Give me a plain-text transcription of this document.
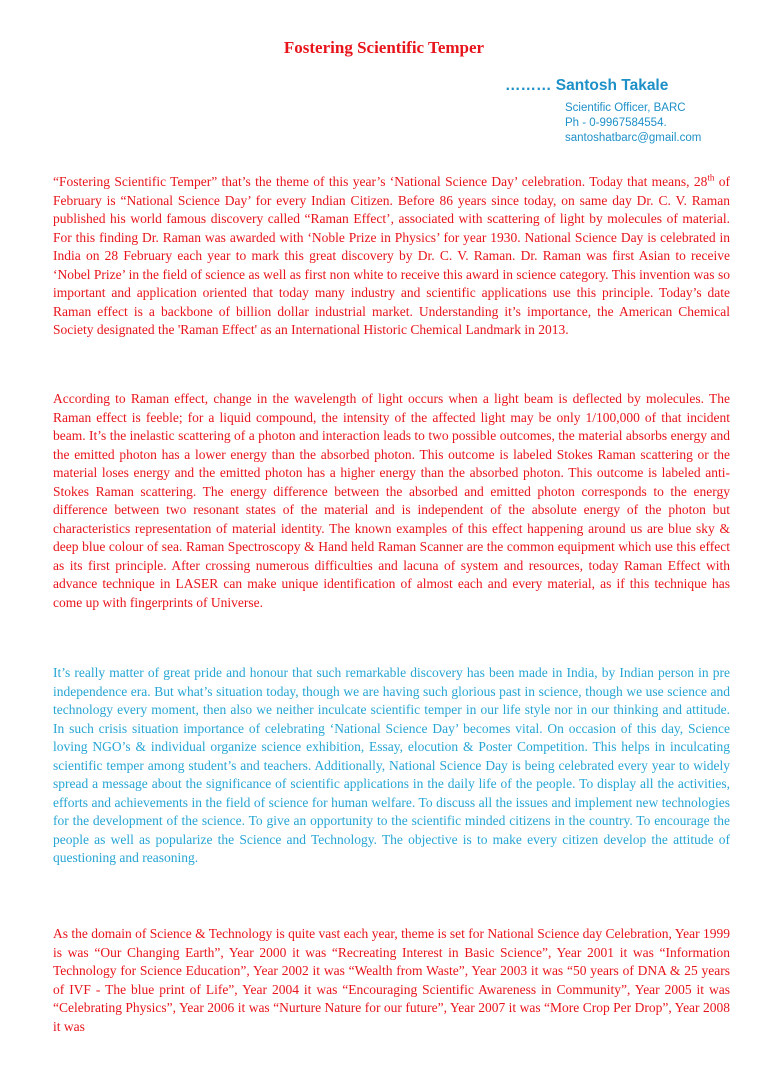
Fostering Scientific Temper
……… Santosh Takale
Scientific Officer, BARC
Ph - 0-9967584554.
santoshatbarc@gmail.com

“Fostering Scientific Temper” that’s the theme of this year’s ‘National Science Day’ celebration. Today that means, 28th of February is “National Science Day’ for every Indian Citizen. Before 86 years since today, on same day Dr. C. V. Raman published his world famous discovery called “Raman Effect’, associated with scattering of light by molecules of material. For this finding Dr. Raman was awarded with ‘Noble Prize in Physics’ for year 1930. National Science Day is celebrated in India on 28 February each year to mark this great discovery by Dr. C. V. Raman. Dr. Raman was first Asian to receive ‘Nobel Prize’ in the field of science as well as first non white to receive this award in science category. This invention was so important and application oriented that today many industry and scientific applications use this principle. Today’s date Raman effect is a backbone of billion dollar industrial market. Understanding it’s importance, the American Chemical Society designated the 'Raman Effect' as an International Historic Chemical Landmark in 2013.

According to Raman effect, change in the wavelength of light occurs when a light beam is deflected by molecules. The Raman effect is feeble; for a liquid compound, the intensity of the affected light may be only 1/100,000 of that incident beam. It’s the inelastic scattering of a photon and interaction leads to two possible outcomes, the material absorbs energy and the emitted photon has a lower energy than the absorbed photon. This outcome is labeled Stokes Raman scattering or the material loses energy and the emitted photon has a higher energy than the absorbed photon. This outcome is labeled anti-Stokes Raman scattering. The energy difference between the absorbed and emitted photon corresponds to the energy difference between two resonant states of the material and is independent of the absolute energy of the photon but characteristics representation of material identity. The known examples of this effect happening around us are blue sky & deep blue colour of sea. Raman Spectroscopy & Hand held Raman Scanner are the common equipment which use this effect as its first principle. After crossing numerous difficulties and lacuna of system and resources, today Raman Effect with advance technique in LASER can make unique identification of almost each and every material, as if this technique has come up with fingerprints of Universe.

It’s really matter of great pride and honour that such remarkable discovery has been made in India, by Indian person in pre independence era. But what’s situation today, though we are having such glorious past in science, though we use science and technology every moment, then also we neither inculcate scientific temper in our life style nor in our thinking and attitude. In such crisis situation importance of celebrating ‘National Science Day’ becomes vital. On occasion of this day, Science loving NGO’s & individual organize science exhibition, Essay, elocution & Poster Competition. This helps in inculcating scientific temper among student’s and teachers. Additionally, National Science Day is being celebrated every year to widely spread a message about the significance of scientific applications in the daily life of the people. To display all the activities, efforts and achievements in the field of science for human welfare. To discuss all the issues and implement new technologies for the development of the science. To give an opportunity to the scientific minded citizens in the country. To encourage the people as well as popularize the Science and Technology. The objective is to make every citizen develop the attitude of questioning and reasoning.

As the domain of Science & Technology is quite vast each year, theme is set for National Science day Celebration, Year 1999 is was “Our Changing Earth”, Year 2000 it was “Recreating Interest in Basic Science”, Year 2001 it was “Information Technology for Science Education”, Year 2002 it was “Wealth from Waste”, Year 2003 it was “50 years of DNA & 25 years of IVF - The blue print of Life”, Year 2004 it was “Encouraging Scientific Awareness in Community”, Year 2005 it was “Celebrating Physics”, Year 2006 it was “Nurture Nature for our future”, Year 2007 it was “More Crop Per Drop”, Year 2008 it was
